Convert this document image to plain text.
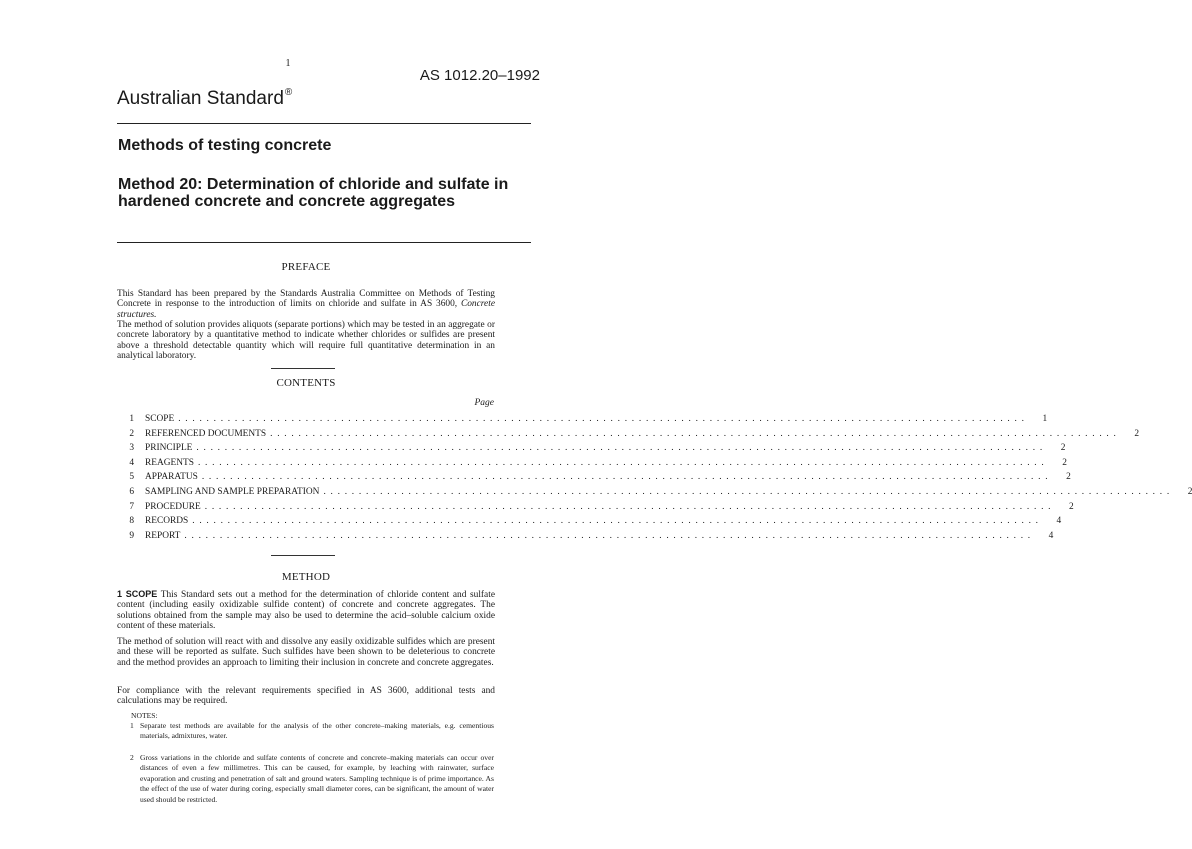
1
AS 1012.20–1992
Australian Standard®
Methods of testing concrete
Method 20: Determination of chloride and sulfate in hardened concrete and concrete aggregates
PREFACE

This Standard has been prepared by the Standards Australia Committee on Methods of Testing Concrete in response to the introduction of limits on chloride and sulfate in AS 3600, Concrete structures.

The method of solution provides aliquots (separate portions) which may be tested in an aggregate or concrete laboratory by a quantitative method to indicate whether chlorides or sulfides are present above a threshold detectable quantity which will require full quantitative determination in an analytical laboratory.

CONTENTS
Page
1 SCOPE . . . . . . . . . . . . . . . . . . . . . . . . . . . . . . . . . . . . . . . . . . . . . . . . . . . . . . . . . . . . . . . . . . . . . . . . . . . . . . . . . . . . . . . . . . . . . . . . . . . . . . . . . . . . . . . . . . . . . . . .	1
2 REFERENCED DOCUMENTS . . . . . . . . . . . . . . . . . . . . . . . . . . . . . . . . . . . . . . . . . . . . . . . . . . . . . . . . . . . . . . . . . . . . . . . . . . . . . . . . . . . . . . . . . . . . . . . . . . . . . . . . . . . . . . . . . . . . . . . .	2
3 PRINCIPLE . . . . . . . . . . . . . . . . . . . . . . . . . . . . . . . . . . . . . . . . . . . . . . . . . . . . . . . . . . . . . . . . . . . . . . . . . . . . . . . . . . . . . . . . . . . . . . . . . . . . . . . . . . . . . . . . . . . . . . . .	2
4 REAGENTS . . . . . . . . . . . . . . . . . . . . . . . . . . . . . . . . . . . . . . . . . . . . . . . . . . . . . . . . . . . . . . . . . . . . . . . . . . . . . . . . . . . . . . . . . . . . . . . . . . . . . . . . . . . . . . . . . . . . . . . .	2
5 APPARATUS . . . . . . . . . . . . . . . . . . . . . . . . . . . . . . . . . . . . . . . . . . . . . . . . . . . . . . . . . . . . . . . . . . . . . . . . . . . . . . . . . . . . . . . . . . . . . . . . . . . . . . . . . . . . . . . . . . . . . . . .	2
6 SAMPLING AND SAMPLE PREPARATION . . . . . . . . . . . . . . . . . . . . . . . . . . . . . . . . . . . . . . . . . . . . . . . . . . . . . . . . . . . . . . . . . . . . . . . . . . . . . . . . . . . . . . . . . . . . . . . . . . . . . . . . . . . . . . . . . . . . . . . .	2
7 PROCEDURE . . . . . . . . . . . . . . . . . . . . . . . . . . . . . . . . . . . . . . . . . . . . . . . . . . . . . . . . . . . . . . . . . . . . . . . . . . . . . . . . . . . . . . . . . . . . . . . . . . . . . . . . . . . . . . . . . . . . . . . .	2
8 RECORDS . . . . . . . . . . . . . . . . . . . . . . . . . . . . . . . . . . . . . . . . . . . . . . . . . . . . . . . . . . . . . . . . . . . . . . . . . . . . . . . . . . . . . . . . . . . . . . . . . . . . . . . . . . . . . . . . . . . . . . . .	4
9 REPORT . . . . . . . . . . . . . . . . . . . . . . . . . . . . . . . . . . . . . . . . . . . . . . . . . . . . . . . . . . . . . . . . . . . . . . . . . . . . . . . . . . . . . . . . . . . . . . . . . . . . . . . . . . . . . . . . . . . . . . . .	4
METHOD

1 SCOPE This Standard sets out a method for the determination of chloride content and sulfate content (including easily oxidizable sulfide content) of concrete and concrete aggregates. The solutions obtained from the sample may also be used to determine the acid–soluble calcium oxide content of these materials.

The method of solution will react with and dissolve any easily oxidizable sulfides which are present and these will be reported as sulfate. Such sulfides have been shown to be deleterious to concrete and the method provides an approach to limiting their inclusion in concrete and concrete aggregates.

For compliance with the relevant requirements specified in AS 3600, additional tests and calculations may be required.

NOTES:
1 Separate test methods are available for the analysis of the other concrete–making materials, e.g. cementious materials, admixtures, water.
2 Gross variations in the chloride and sulfate contents of concrete and concrete–making materials can occur over distances of even a few millimetres. This can be caused, for example, by leaching with rainwater, surface evaporation and crusting and penetration of salt and ground waters. Sampling technique is of prime importance. As the effect of the use of water during coring, especially small diameter cores, can be significant, the amount of water used should be restricted.
